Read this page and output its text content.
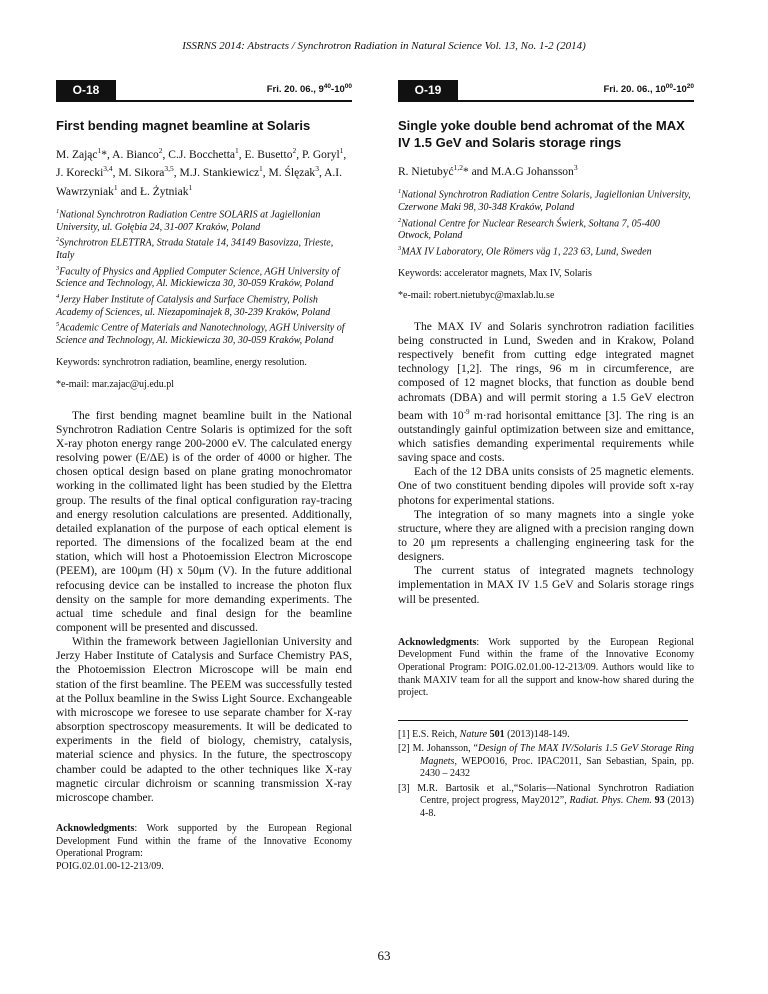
ISSRNS 2014: Abstracts / Synchrotron Radiation in Natural Science Vol. 13, No. 1-2 (2014)
O-18	Fri. 20. 06., $9^{40}-10^{00}$
First bending magnet beamline at Solaris
M. Zając$^1$*, A. Bianco$^2$, C.J. Bocchetta$^1$, E. Busetto$^2$, P. Goryl$^1$, J. Korecki$^{3,4}$, M. Sikora$^{3,5}$, M.J. Stankiewicz$^1$, M. Ślęzak$^3$, A.I. Wawrzyniak$^1$ and Ł. Żytniak$^1$
$^1$National Synchrotron Radiation Centre SOLARIS at Jagiellonian University, ul. Gołębia 24, 31-007 Kraków, Poland
$^2$Synchrotron ELETTRA, Strada Statale 14, 34149 Basovizza, Trieste, Italy
$^3$Faculty of Physics and Applied Computer Science, AGH University of Science and Technology, Al. Mickiewicza 30, 30-059 Kraków, Poland
$^4$Jerzy Haber Institute of Catalysis and Surface Chemistry, Polish Academy of Sciences, ul. Niezapominajek 8, 30-239 Kraków, Poland
$^5$Academic Centre of Materials and Nanotechnology, AGH University of Science and Technology, Al. Mickiewicza 30, 30-059 Kraków, Poland
Keywords: synchrotron radiation, beamline, energy resolution.
*e-mail: mar.zajac@uj.edu.pl

The first bending magnet beamline built in the National Synchrotron Radiation Centre Solaris is optimized for the soft X-ray photon energy range 200-2000 eV. The calculated energy resolving power (E/ΔE) is of the order of 4000 or higher. The chosen optical design based on plane grating monochromator working in the collimated light has been studied by the Elettra group. The results of the final optical configuration ray-tracing and energy resolution calculations are presented. Additionally, detailed explanation of the purpose of each optical element is reported. The dimensions of the focalized beam at the end station, which will host a Photoemission Electron Microscope (PEEM), are 100μm (H) x 50μm (V). In the future additional refocusing device can be installed to increase the photon flux density on the sample for more demanding experiments. The actual time schedule and final design for the beamline component will be presented and discussed.

Within the framework between Jagiellonian University and Jerzy Haber Institute of Catalysis and Surface Chemistry PAS, the Photoemission Electron Microscope will be main end station of the first beamline. The PEEM was successfully tested at the Pollux beamline in the Swiss Light Source. Exchangeable with microscope we foresee to use separate chamber for X-ray absorption spectroscopy measurements. It will be dedicated to experiments in the field of biology, chemistry, catalysis, material science and physics. In the future, the spectroscopy chamber could be adapted to the other techniques like X-ray magnetic circular dichroism or scanning transmission X-ray microscope chamber.

Acknowledgments: Work supported by the European Regional Development Fund within the frame of the Innovative Economy Operational Program:
POIG.02.01.00-12-213/09.
O-19	Fri. 20. 06., $10^{00}-10^{20}$
Single yoke double bend achromat of the MAX IV 1.5 GeV and Solaris storage rings
R. Nietubyć$^{1,2}$* and M.A.G Johansson$^3$
$^1$National Synchrotron Radiation Centre Solaris, Jagiellonian University, Czerwone Maki 98, 30-348 Kraków, Poland
$^2$National Centre for Nuclear Research Świerk, Sołtana 7, 05-400 Otwock, Poland
$^3$MAX IV Laboratory, Ole Römers väg 1, 223 63, Lund, Sweden
Keywords: accelerator magnets, Max IV, Solaris
*e-mail: robert.nietubyc@maxlab.lu.se

The MAX IV and Solaris synchrotron radiation facilities being constructed in Lund, Sweden and in Krakow, Poland respectively benefit from cutting edge integrated magnet technology [1,2]. The rings, 96 m in circumference, are composed of 12 magnet blocks, that function as double bend achromats (DBA) and will permit storing a 1.5 GeV electron beam with $10^{-9}$ m·rad horisontal emittance [3]. The ring is an outstandingly gainful optimization between size and emittance, which satisfies demanding experimental requirements while saving space and costs.

Each of the 12 DBA units consists of 25 magnetic elements. One of two constituent bending dipoles will provide soft x-ray photons for experimental stations.

The integration of so many magnets into a single yoke structure, where they are aligned with a precision ranging down to 20 μm represents a challenging engineering task for the designers.

The current status of integrated magnets technology implementation in MAX IV 1.5 GeV and Solaris storage rings will be presented.

Acknowledgments: Work supported by the European Regional Development Fund within the frame of the Innovative Economy Operational Program: POIG.02.01.00-12-213/09. Authors would like to thank MAXIV team for all the support and know-how shared during the project.
[1] E.S. Reich, Nature 501 (2013)148-149.
[2] M. Johansson, “Design of The MAX IV/Solaris 1.5 GeV Storage Ring Magnets, WEPO016, Proc. IPAC2011, San Sebastian, Spain, pp. 2430 – 2432
[3] M.R. Bartosik et al.,“Solaris—National Synchrotron Radiation Centre, project progress, May2012”, Radiat. Phys. Chem. 93 (2013) 4-8.
63
